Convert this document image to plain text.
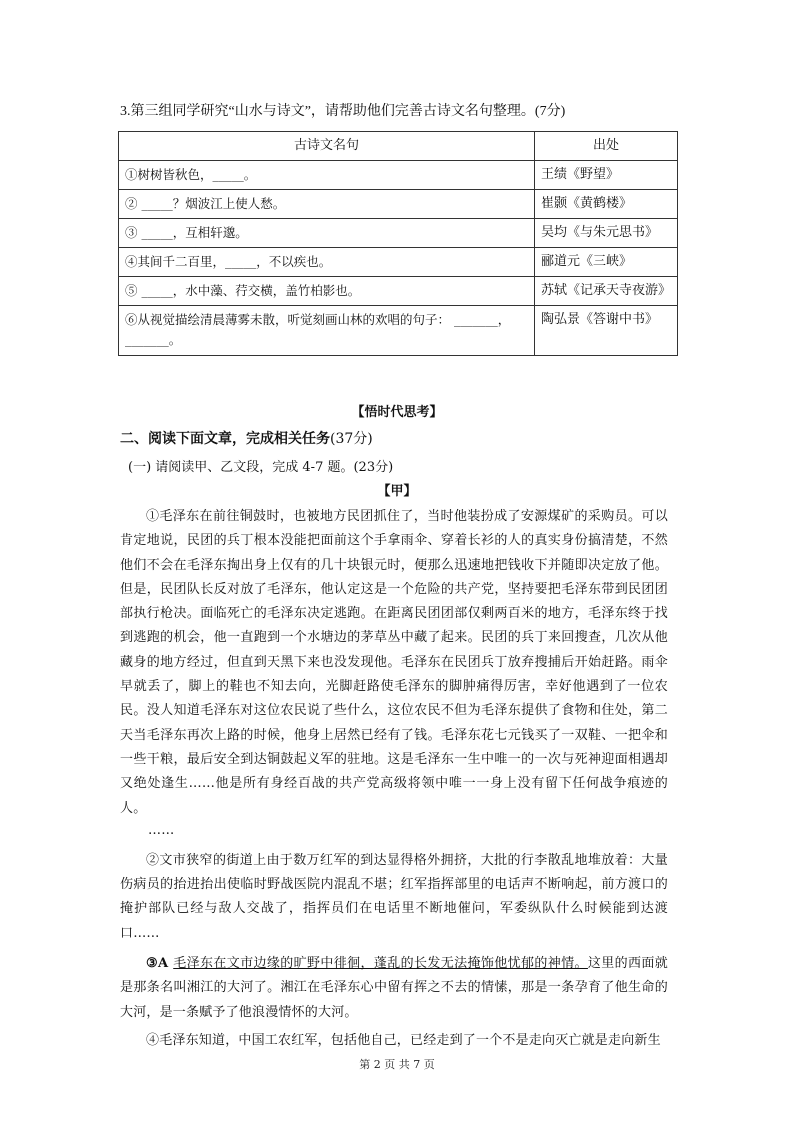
3.第三组同学研究“山水与诗文”，请帮助他们完善古诗文名句整理。(7分)
古诗文名句	出处
①树树皆秋色，_____。	王绩《野望》
② _____？烟波江上使人愁。	崔颢《黄鹤楼》
③ _____，互相轩邈。	吴均《与朱元思书》
④其间千二百里，_____，不以疾也。	郦道元《三峡》
⑤ _____，水中藻、荇交横，盖竹柏影也。	苏轼《记承天寺夜游》

⑥从视觉描绘清晨薄雾未散，听觉刻画山林的欢唱的句子： _______，
_______。	陶弘景《答谢中书》
【悟时代思考】
二、阅读下面文章，完成相关任务(37分)
(一) 请阅读甲、乙文段，完成 4-7 题。(23分)
【甲】

①毛泽东在前往铜鼓时，也被地方民团抓住了，当时他装扮成了安源煤矿的采购员。可以肯定地说，民团的兵丁根本没能把面前这个手拿雨伞、穿着长衫的人的真实身份搞清楚，不然他们不会在毛泽东掏出身上仅有的几十块银元时，便那么迅速地把钱收下并随即决定放了他。但是，民团队长反对放了毛泽东，他认定这是一个危险的共产党，坚持要把毛泽东带到民团团部执行枪决。面临死亡的毛泽东决定逃跑。在距离民团团部仅剩两百米的地方，毛泽东终于找到逃跑的机会，他一直跑到一个水塘边的茅草丛中藏了起来。民团的兵丁来回搜查，几次从他藏身的地方经过，但直到天黑下来也没发现他。毛泽东在民团兵丁放弃搜捕后开始赶路。雨伞早就丢了，脚上的鞋也不知去向，光脚赶路使毛泽东的脚肿痛得厉害，幸好他遇到了一位农民。没人知道毛泽东对这位农民说了些什么，这位农民不但为毛泽东提供了食物和住处，第二天当毛泽东再次上路的时候，他身上居然已经有了钱。毛泽东花七元钱买了一双鞋、一把伞和一些干粮，最后安全到达铜鼓起义军的驻地。这是毛泽东一生中唯一的一次与死神迎面相遇却又绝处逢生……他是所有身经百战的共产党高级将领中唯一一身上没有留下任何战争痕迹的人。

……

②文市狭窄的街道上由于数万红军的到达显得格外拥挤，大批的行李散乱地堆放着：大量伤病员的抬进抬出使临时野战医院内混乱不堪；红军指挥部里的电话声不断响起，前方渡口的掩护部队已经与敌人交战了，指挥员们在电话里不断地催问，军委纵队什么时候能到达渡口……

③A 毛泽东在文市边缘的旷野中徘徊，蓬乱的长发无法掩饰他忧郁的神情。这里的西面就是那条名叫湘江的大河了。湘江在毛泽东心中留有挥之不去的情愫，那是一条孕育了他生命的大河，是一条赋予了他浪漫情怀的大河。

④毛泽东知道，中国工农红军，包括他自己，已经走到了一个不是走向灭亡就是走向新生

第 2 页 共 7 页
